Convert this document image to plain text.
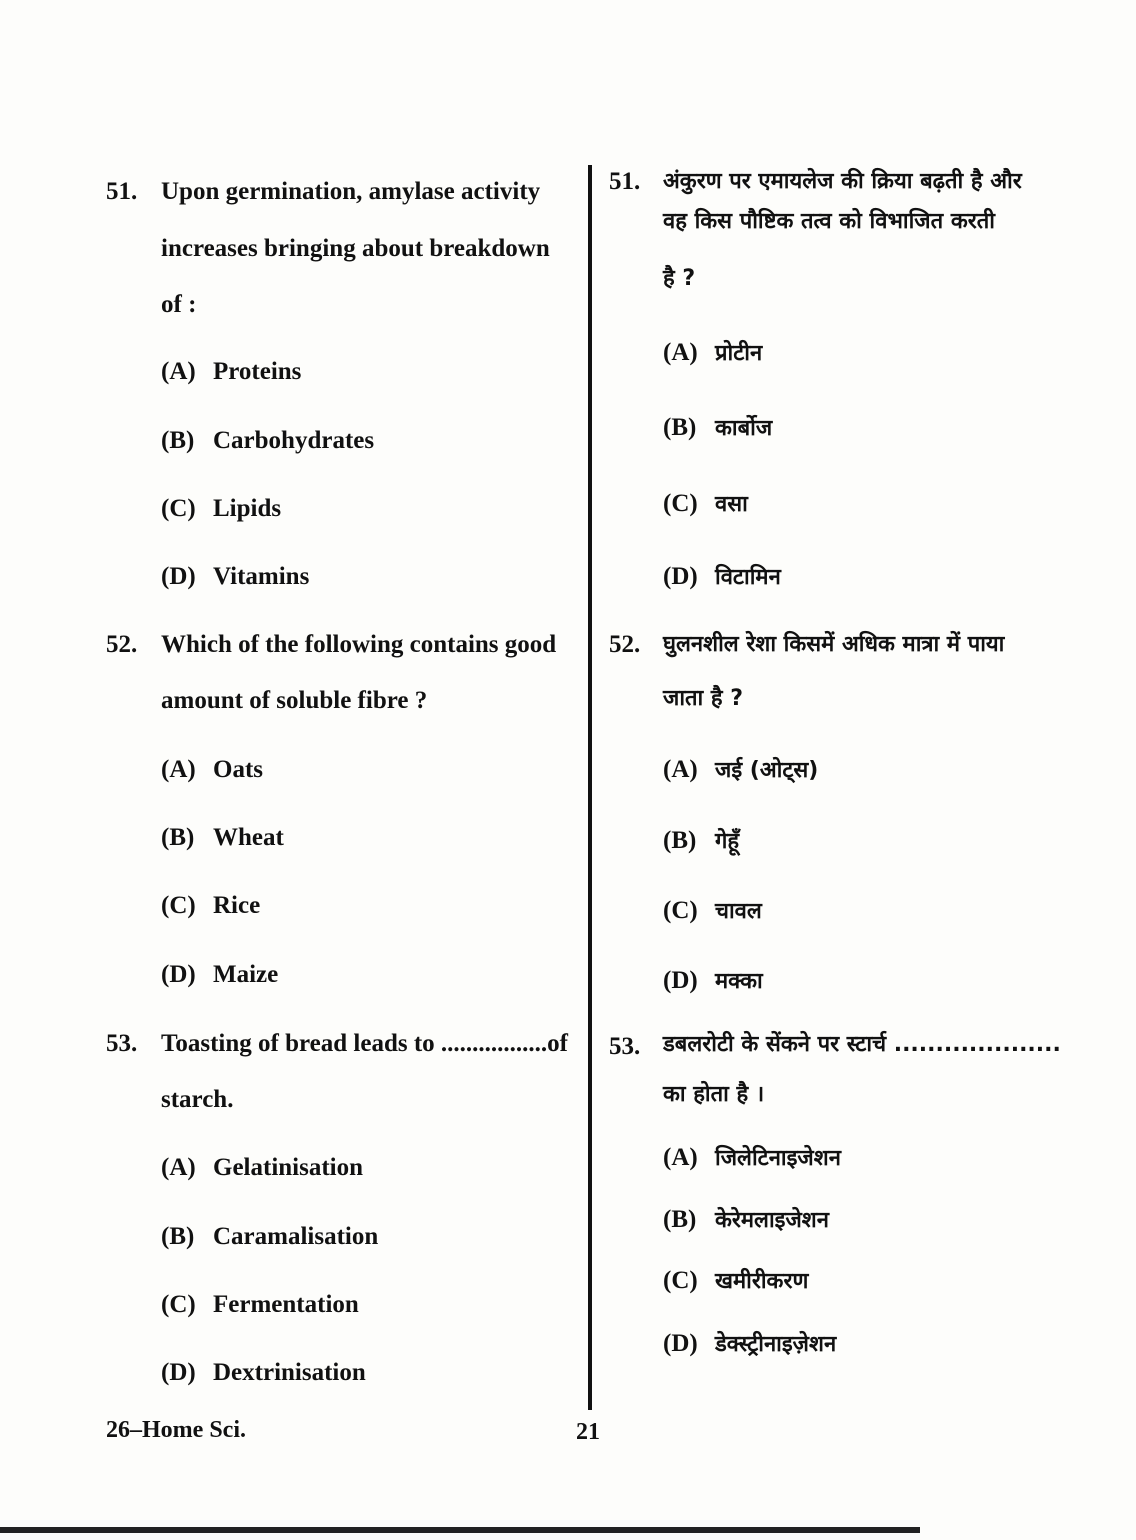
51. Upon germination, amylase activity
increases bringing about breakdown
of :
(A) Proteins
(B) Carbohydrates
(C) Lipids
(D) Vitamins
52. Which of the following contains good
amount of soluble fibre ?
(A) Oats
(B) Wheat
(C) Rice
(D) Maize
53. Toasting of bread leads to .................of
starch.
(A) Gelatinisation
(B) Caramalisation
(C) Fermentation
(D) Dextrinisation
51. अंकुरण पर एमायलेज की क्रिया बढ़ती है और
वह किस पौष्टिक तत्व को विभाजित करती
है ?
(A) प्रोटीन
(B) कार्बोज
(C) वसा
(D) विटामिन
52. घुलनशील रेशा किसमें अधिक मात्रा में पाया
जाता है ?
(A) जई (ओट्स)
(B) गेहूँ
(C) चावल
(D) मक्का
53. डबलरोटी के सेंकने पर स्टार्च ....................
का होता है ।
(A) जिलेटिनाइजेशन
(B) केरेमलाइजेशन
(C) खमीरीकरण
(D) डेक्स्ट्रीनाइज़ेशन
26–Home Sci.	21
